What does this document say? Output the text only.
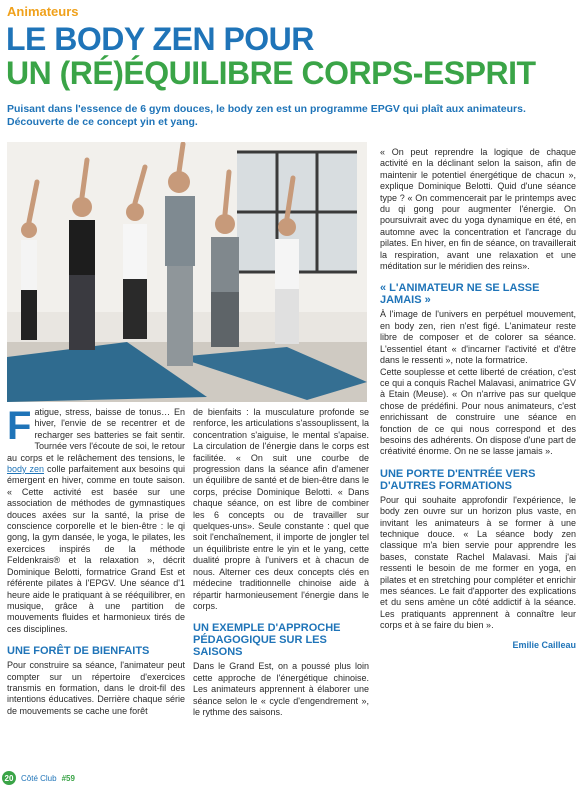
Animateurs
LE BODY ZEN POUR
UN (RÉ)ÉQUILIBRE CORPS-ESPRIT

Puisant dans l'essence de 6 gym douces, le body zen est un programme EPGV qui plaît aux animateurs. Découverte de ce concept yin et yang.

Fatigue, stress, baisse de tonus… En hiver, l'envie de se recentrer et de recharger ses batteries se fait sentir. Tournée vers l'écoute de soi, le retour au corps et le relâchement des tensions, le body zen colle parfaitement aux besoins qui émergent en hiver, comme en toute saison. « Cette activité est basée sur une association de méthodes de gymnastiques douces axées sur la santé, la prise de conscience corporelle et le bien-être : le qi gong, la gym dansée, le yoga, le pilates, les exercices inspirés de la méthode Feldenkrais® et la relaxation », décrit Dominique Belotti, formatrice Grand Est et référente pilates à l'EPGV. Une séance d'1 heure aide le pratiquant à se rééquilibrer, en musique, grâce à une partition de mouvements fluides et harmonieux tirés de ces disciplines.

UNE FORÊT DE BIENFAITS

Pour construire sa séance, l'animateur peut compter sur un répertoire d'exercices transmis en formation, dans le droit-fil des intentions éducatives. Derrière chaque série de mouvements se cache une forêt

de bienfaits : la musculature profonde se renforce, les articulations s'assouplissent, la concentration s'aiguise, le mental s'apaise. La circulation de l'énergie dans le corps est facilitée. « On suit une courbe de progression dans la séance afin d'amener un équilibre de santé et de bien-être dans le corps, précise Dominique Belotti. « Dans chaque séance, on est libre de combiner les 6 concepts ou de travailler sur quelques-uns». Seule constante : quel que soit l'enchaînement, il importe de jongler tel un équilibriste entre le yin et le yang, cette dualité propre à l'univers et à chacun de nous. Alterner ces deux concepts clés en médecine traditionnelle chinoise aide à répartir harmonieusement l'énergie dans le corps.

UN EXEMPLE D'APPROCHE PÉDAGOGIQUE SUR LES SAISONS

Dans le Grand Est, on a poussé plus loin cette approche de l'énergétique chinoise. Les animateurs apprennent à élaborer une séance selon le « cycle d'engendrement », le rythme des saisons.

« On peut reprendre la logique de chaque activité en la déclinant selon la saison, afin de maintenir le potentiel énergétique de chacun », explique Dominique Belotti. Quid d'une séance type ? « On commencerait par le printemps avec du qi gong pour augmenter l'énergie. On poursuivrait avec du yoga dynamique en été, en automne avec la concentration et l'ancrage du pilates. En hiver, en fin de séance, on travaillerait la respiration, avant une relaxation et une méditation sur le méridien des reins».

« L'ANIMATEUR NE SE LASSE JAMAIS »

À l'image de l'univers en perpétuel mouvement, en body zen, rien n'est figé. L'animateur reste libre de composer et de colorer sa séance. L'essentiel étant « d'incarner l'activité et d'être dans le ressenti », note la formatrice.

Cette souplesse et cette liberté de création, c'est ce qui a conquis Rachel Malavasi, animatrice GV à Etain (Meuse). « On n'arrive pas sur quelque chose de prédéfini. Pour nous animateurs, c'est enrichissant de construire une séance en fonction de ce qui nous correspond et des besoins des adhérents. On dispose d'une part de créativité énorme. On ne se lasse jamais ».

UNE PORTE D'ENTRÉE VERS D'AUTRES FORMATIONS

Pour qui souhaite approfondir l'expérience, le body zen ouvre sur un horizon plus vaste, en invitant les animateurs à se former à une technique douce. « La séance body zen classique m'a bien servie pour apprendre les bases, constate Rachel Malavasi. Mais j'ai ressenti le besoin de me former en yoga, en pilates et en stretching pour compléter et enrichir mes séances. Le fait d'apporter des explications et du sens amène un côté addictif à la séance. Les pratiquants apprennent à connaître leur corps et à se faire du bien ».

Emilie Cailleau

20 Côté Club #59
